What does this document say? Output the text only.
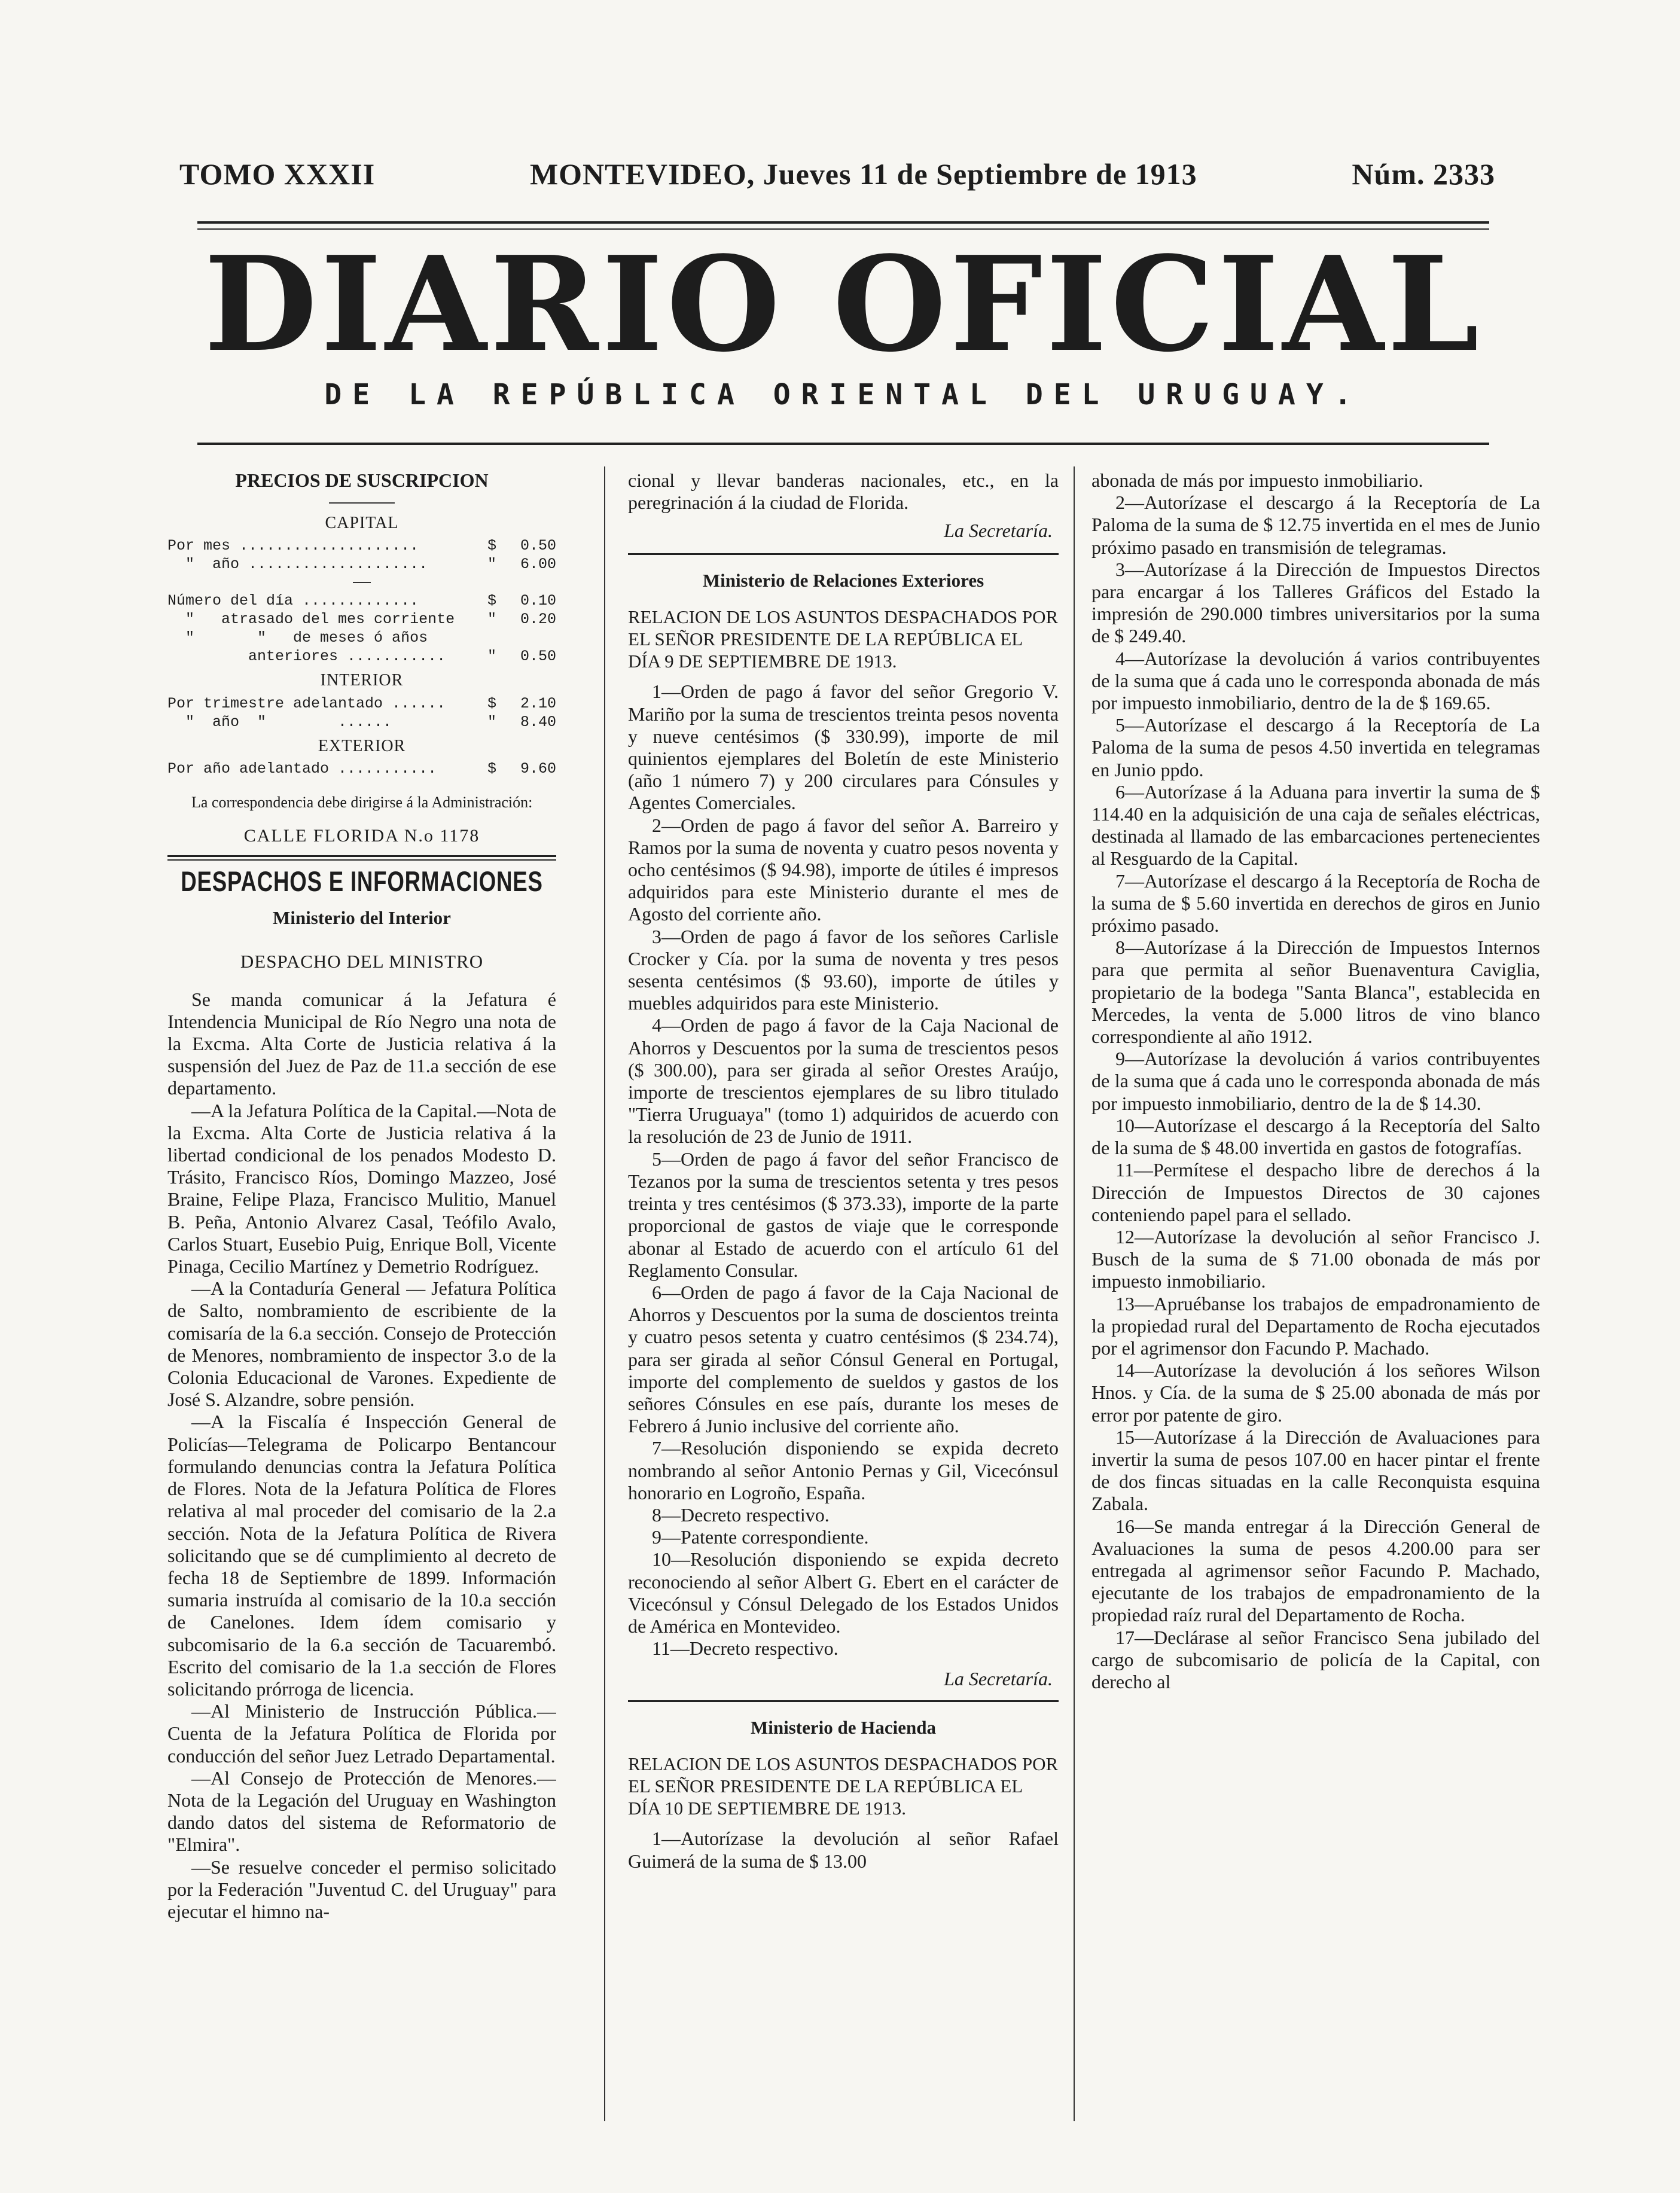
TOMO XXXII	MONTEVIDEO, Jueves 11 de Septiembre de 1913	Núm. 2333
DIARIO OFICIAL
DE LA REPÚBLICA ORIENTAL DEL URUGUAY.
PRECIOS DE SUSCRIPCION
CAPITAL
Por mes ....................	$	0.50
"  año ....................	"	6.00
Número del día .............	$	0.10
"   atrasado del mes corriente	"	0.20
"       "   de meses ó años
anteriores ...........	"	0.50
INTERIOR
Por trimestre adelantado ......	$	2.10
"  año  "        ......	"	8.40
EXTERIOR
Por año adelantado ...........	$	9.60

La correspondencia debe dirigirse á la Administración:

CALLE FLORIDA N.o 1178
DESPACHOS E INFORMACIONES
Ministerio del Interior
DESPACHO DEL MINISTRO

Se manda comunicar á la Jefatura é Intendencia Municipal de Río Negro una nota de la Excma. Alta Corte de Justicia relativa á la suspensión del Juez de Paz de 11.a sección de ese departamento.

—A la Jefatura Política de la Capital.—Nota de la Excma. Alta Corte de Justicia relativa á la libertad condicional de los penados Modesto D. Trásito, Francisco Ríos, Domingo Mazzeo, José Braine, Felipe Plaza, Francisco Mulitio, Manuel B. Peña, Antonio Alvarez Casal, Teófilo Avalo, Carlos Stuart, Eusebio Puig, Enrique Boll, Vicente Pinaga, Cecilio Martínez y Demetrio Rodríguez.

—A la Contaduría General — Jefatura Política de Salto, nombramiento de escribiente de la comisaría de la 6.a sección. Consejo de Protección de Menores, nombramiento de inspector 3.o de la Colonia Educacional de Varones. Expediente de José S. Alzandre, sobre pensión.

—A la Fiscalía é Inspección General de Policías—Telegrama de Policarpo Bentancour formulando denuncias contra la Jefatura Política de Flores. Nota de la Jefatura Política de Flores relativa al mal proceder del comisario de la 2.a sección. Nota de la Jefatura Política de Rivera solicitando que se dé cumplimiento al decreto de fecha 18 de Septiembre de 1899. Información sumaria instruída al comisario de la 10.a sección de Canelones. Idem ídem comisario y subcomisario de la 6.a sección de Tacuarembó. Escrito del comisario de la 1.a sección de Flores solicitando prórroga de licencia.

—Al Ministerio de Instrucción Pública.—Cuenta de la Jefatura Política de Florida por conducción del señor Juez Letrado Departamental.

—Al Consejo de Protección de Menores.—Nota de la Legación del Uruguay en Washington dando datos del sistema de Reformatorio de "Elmira".

—Se resuelve conceder el permiso solicitado por la Federación "Juventud C. del Uruguay" para ejecutar el himno na-

cional y llevar banderas nacionales, etc., en la peregrinación á la ciudad de Florida.

La Secretaría.

Ministerio de Relaciones Exteriores

RELACION DE LOS ASUNTOS DESPACHADOS POR EL SEÑOR PRESIDENTE DE LA REPÚBLICA EL DÍA 9 DE SEPTIEMBRE DE 1913.

1—Orden de pago á favor del señor Gregorio V. Mariño por la suma de trescientos treinta pesos noventa y nueve centésimos ($ 330.99), importe de mil quinientos ejemplares del Boletín de este Ministerio (año 1 número 7) y 200 circulares para Cónsules y Agentes Comerciales.

2—Orden de pago á favor del señor A. Barreiro y Ramos por la suma de noventa y cuatro pesos noventa y ocho centésimos ($ 94.98), importe de útiles é impresos adquiridos para este Ministerio durante el mes de Agosto del corriente año.

3—Orden de pago á favor de los señores Carlisle Crocker y Cía. por la suma de noventa y tres pesos sesenta centésimos ($ 93.60), importe de útiles y muebles adquiridos para este Ministerio.

4—Orden de pago á favor de la Caja Nacional de Ahorros y Descuentos por la suma de trescientos pesos ($ 300.00), para ser girada al señor Orestes Araújo, importe de trescientos ejemplares de su libro titulado "Tierra Uruguaya" (tomo 1) adquiridos de acuerdo con la resolución de 23 de Junio de 1911.

5—Orden de pago á favor del señor Francisco de Tezanos por la suma de trescientos setenta y tres pesos treinta y tres centésimos ($ 373.33), importe de la parte proporcional de gastos de viaje que le corresponde abonar al Estado de acuerdo con el artículo 61 del Reglamento Consular.

6—Orden de pago á favor de la Caja Nacional de Ahorros y Descuentos por la suma de doscientos treinta y cuatro pesos setenta y cuatro centésimos ($ 234.74), para ser girada al señor Cónsul General en Portugal, importe del complemento de sueldos y gastos de los señores Cónsules en ese país, durante los meses de Febrero á Junio inclusive del corriente año.

7—Resolución disponiendo se expida decreto nombrando al señor Antonio Pernas y Gil, Vicecónsul honorario en Logroño, España.

8—Decreto respectivo.

9—Patente correspondiente.

10—Resolución disponiendo se expida decreto reconociendo al señor Albert G. Ebert en el carácter de Vicecónsul y Cónsul Delegado de los Estados Unidos de América en Montevideo.

11—Decreto respectivo.

La Secretaría.

Ministerio de Hacienda

RELACION DE LOS ASUNTOS DESPACHADOS POR EL SEÑOR PRESIDENTE DE LA REPÚBLICA EL DÍA 10 DE SEPTIEMBRE DE 1913.

1—Autorízase la devolución al señor Rafael Guimerá de la suma de $ 13.00

abonada de más por impuesto inmobiliario.

2—Autorízase el descargo á la Receptoría de La Paloma de la suma de $ 12.75 invertida en el mes de Junio próximo pasado en transmisión de telegramas.

3—Autorízase á la Dirección de Impuestos Directos para encargar á los Talleres Gráficos del Estado la impresión de 290.000 timbres universitarios por la suma de $ 249.40.

4—Autorízase la devolución á varios contribuyentes de la suma que á cada uno le corresponda abonada de más por impuesto inmobiliario, dentro de la de $ 169.65.

5—Autorízase el descargo á la Receptoría de La Paloma de la suma de pesos 4.50 invertida en telegramas en Junio ppdo.

6—Autorízase á la Aduana para invertir la suma de $ 114.40 en la adquisición de una caja de señales eléctricas, destinada al llamado de las embarcaciones pertenecientes al Resguardo de la Capital.

7—Autorízase el descargo á la Receptoría de Rocha de la suma de $ 5.60 invertida en derechos de giros en Junio próximo pasado.

8—Autorízase á la Dirección de Impuestos Internos para que permita al señor Buenaventura Caviglia, propietario de la bodega "Santa Blanca", establecida en Mercedes, la venta de 5.000 litros de vino blanco correspondiente al año 1912.

9—Autorízase la devolución á varios contribuyentes de la suma que á cada uno le corresponda abonada de más por impuesto inmobiliario, dentro de la de $ 14.30.

10—Autorízase el descargo á la Receptoría del Salto de la suma de $ 48.00 invertida en gastos de fotografías.

11—Permítese el despacho libre de derechos á la Dirección de Impuestos Directos de 30 cajones conteniendo papel para el sellado.

12—Autorízase la devolución al señor Francisco J. Busch de la suma de $ 71.00 obonada de más por impuesto inmobiliario.

13—Apruébanse los trabajos de empadronamiento de la propiedad rural del Departamento de Rocha ejecutados por el agrimensor don Facundo P. Machado.

14—Autorízase la devolución á los señores Wilson Hnos. y Cía. de la suma de $ 25.00 abonada de más por error por patente de giro.

15—Autorízase á la Dirección de Avaluaciones para invertir la suma de pesos 107.00 en hacer pintar el frente de dos fincas situadas en la calle Reconquista esquina Zabala.

16—Se manda entregar á la Dirección General de Avaluaciones la suma de pesos 4.200.00 para ser entregada al agrimensor señor Facundo P. Machado, ejecutante de los trabajos de empadronamiento de la propiedad raíz rural del Departamento de Rocha.

17—Declárase al señor Francisco Sena jubilado del cargo de subcomisario de policía de la Capital, con derecho al
